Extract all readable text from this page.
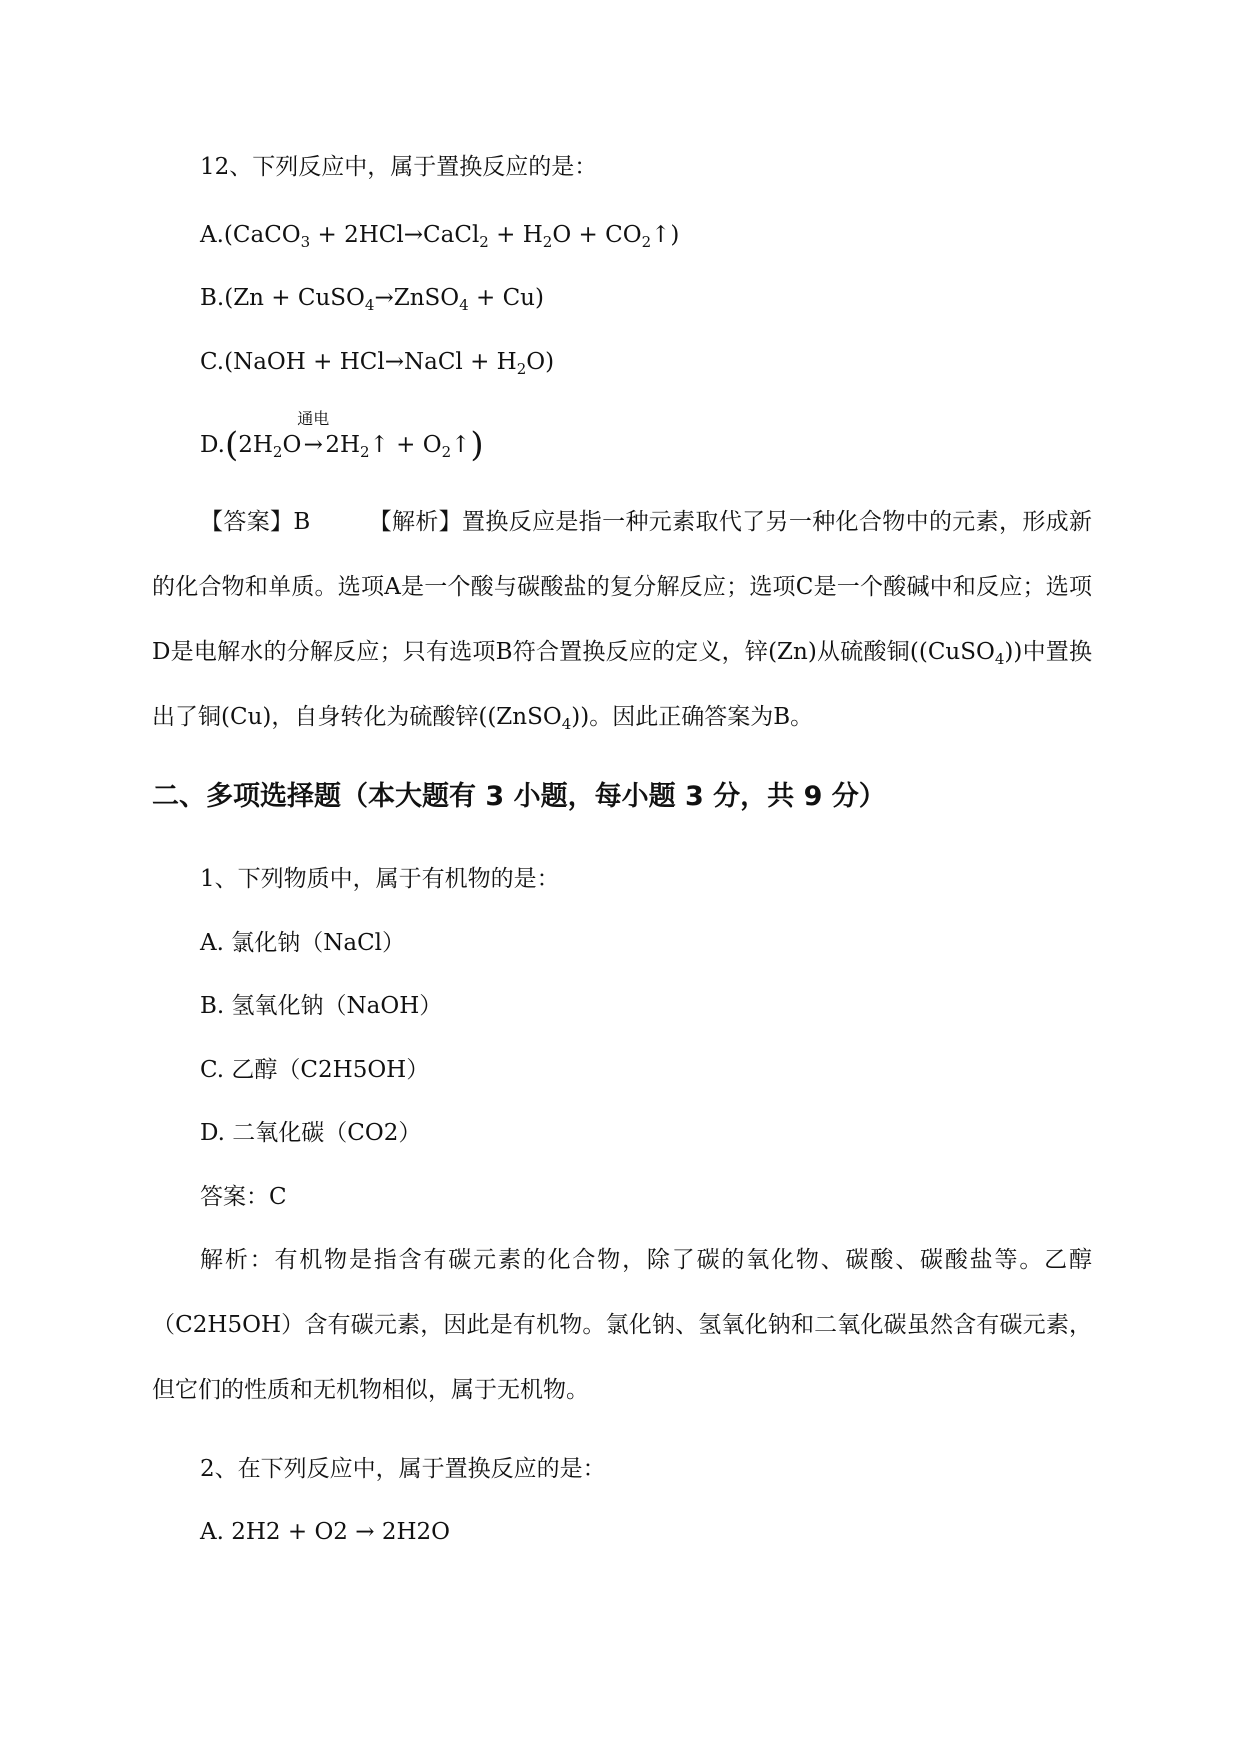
12、下列反应中，属于置换反应的是：
A.(CaCO$_3$ + 2HCl→CaCl$_2$ + $H_2O$ + $CO_2↑$)
B.(Zn + CuSO$_4$→ZnSO$_4$ + Cu)
C.(NaOH + HCl→NaCl + $H_2O$)
$D.(2H_2O$
通电
→ $2H_2↑$ + $O_2↑$)
【答案】B	【解析】置换反应是指一种元素取代了另一种化合物中的元素，形成新的化合物和单质。选项A是一个酸与碳酸盐的复分解反应；选项C是一个酸碱中和反应；选项D是电解水的分解反应；只有选项B符合置换反应的定义，锌(Zn)从硫酸铜((CuSO$_4$))中置换出了铜(Cu)，自身转化为硫酸锌((ZnSO$_4$))。因此正确答案为B。
二、多项选择题（本大题有 3 小题，每小题 3 分，共 9 分）
1、下列物质中，属于有机物的是：
A. 氯化钠（NaCl）
B. 氢氧化钠（NaOH）
C. 乙醇（C2H5OH）
D. 二氧化碳（CO2）
答案：C
解析：有机物是指含有碳元素的化合物，除了碳的氧化物、碳酸、碳酸盐等。乙醇（C2H5OH）含有碳元素，因此是有机物。氯化钠、氢氧化钠和二氧化碳虽然含有碳元素，但它们的性质和无机物相似，属于无机物。
2、在下列反应中，属于置换反应的是：
A. 2H2 + O2 → 2H2O
